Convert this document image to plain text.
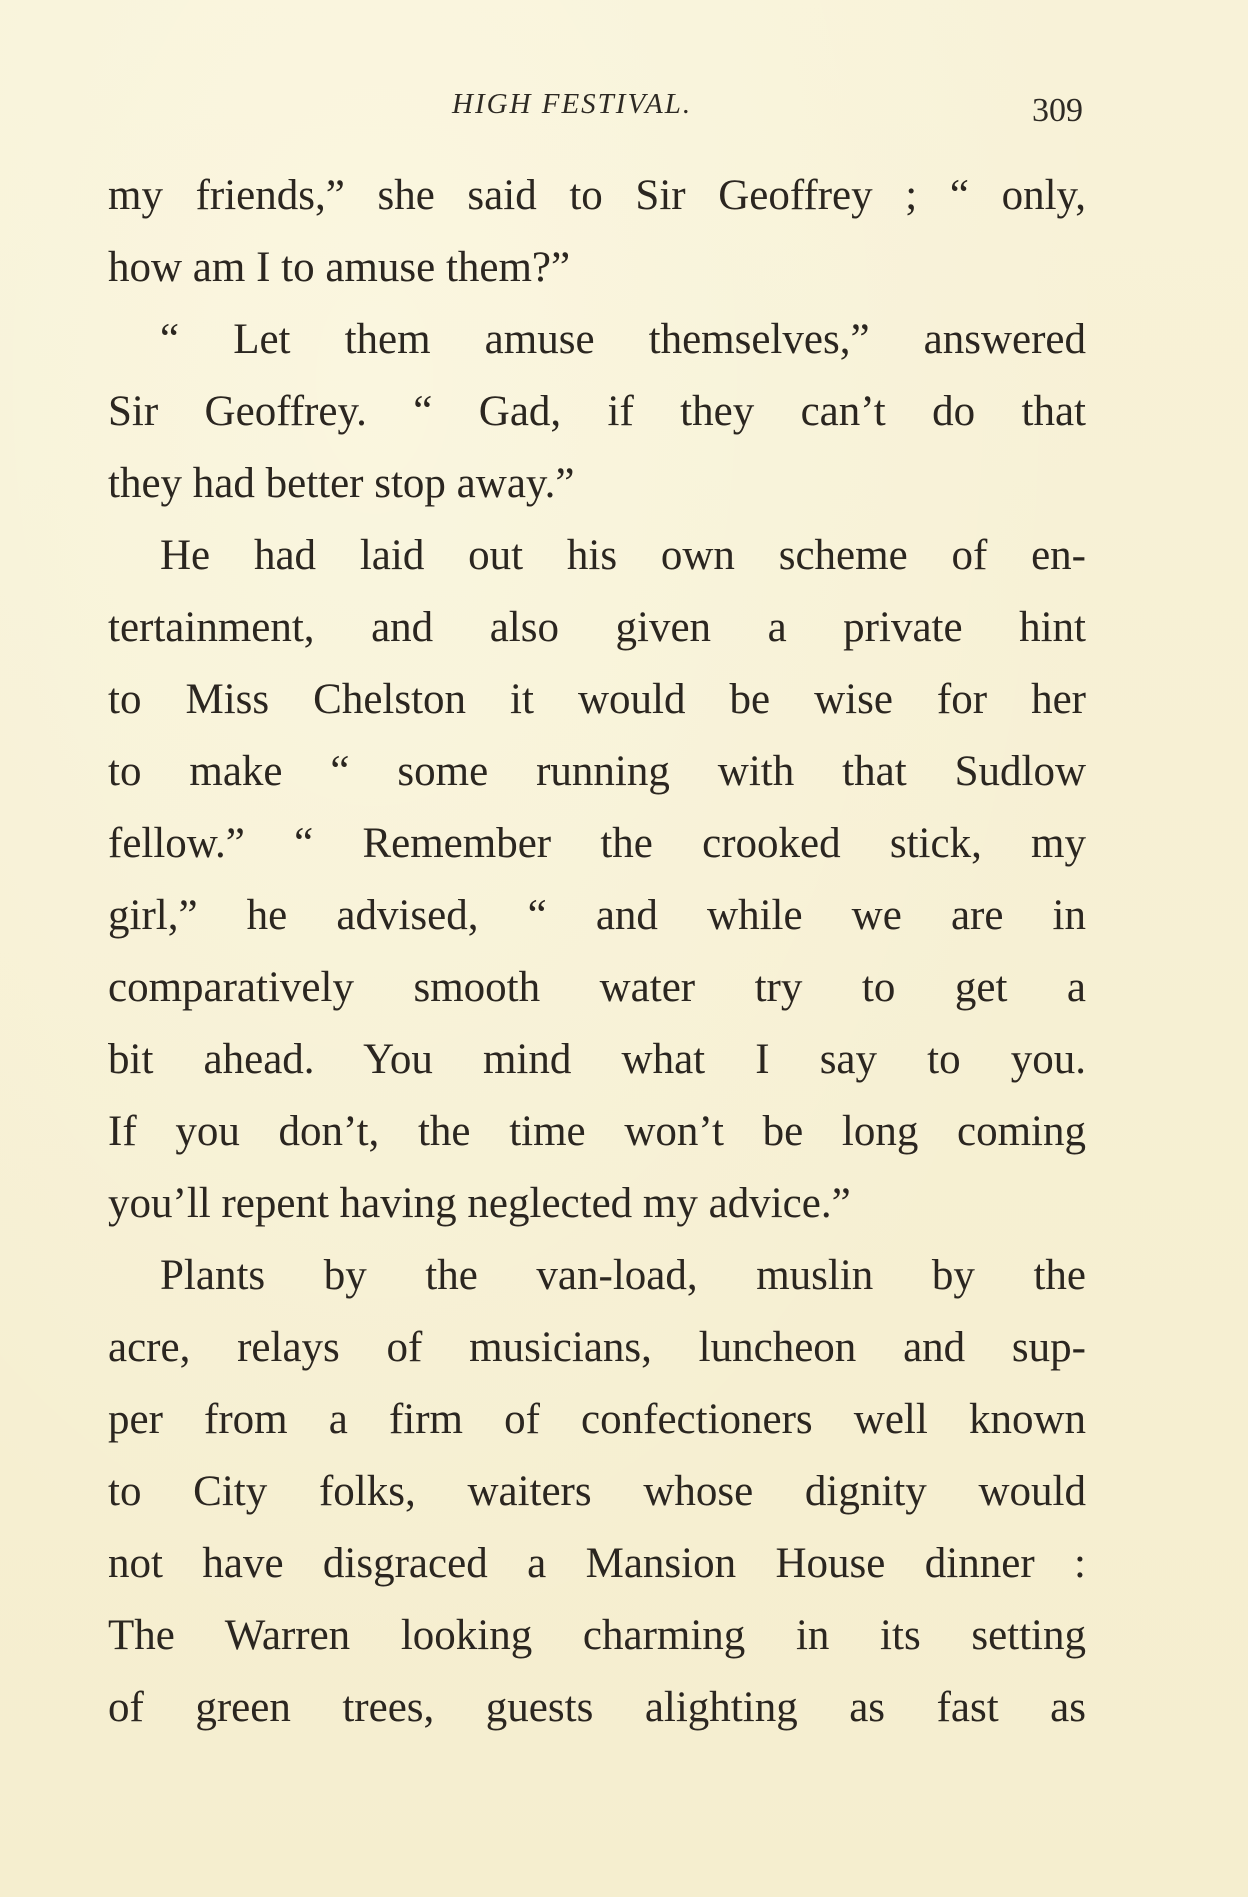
HIGH FESTIVAL.	309
my friends,” she said to Sir Geoffrey ; “ only,
how am I to amuse them?”
“ Let them amuse themselves,” answered
Sir Geoffrey. “ Gad, if they can’t do that
they had better stop away.”
He had laid out his own scheme of en-
tertainment, and also given a private hint
to Miss Chelston it would be wise for her
to make “ some running with that Sudlow
fellow.” “ Remember the crooked stick, my
girl,” he advised, “ and while we are in
comparatively smooth water try to get a
bit ahead. You mind what I say to you.
If you don’t, the time won’t be long coming
you’ll repent having neglected my advice.”
Plants by the van-load, muslin by the
acre, relays of musicians, luncheon and sup-
per from a firm of confectioners well known
to City folks, waiters whose dignity would
not have disgraced a Mansion House dinner :
The Warren looking charming in its setting
of green trees, guests alighting as fast as
